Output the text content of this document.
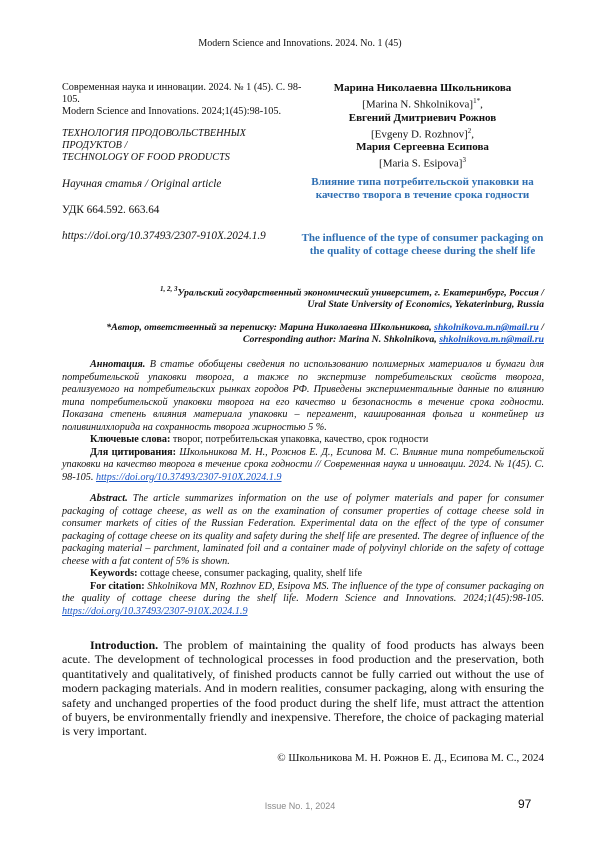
Modern Science and Innovations. 2024. No. 1 (45)
Современная наука и инновации. 2024. № 1 (45). С. 98-105.
Modern Science and Innovations. 2024;1(45):98-105.
ТЕХНОЛОГИЯ ПРОДОВОЛЬСТВЕННЫХ ПРОДУКТОВ /
TECHNOLOGY OF FOOD PRODUCTS
Научная статья / Original article
УДК 664.592. 663.64
https://doi.org/10.37493/2307-910X.2024.1.9
Марина Николаевна Школьникова
[Marina N. Shkolnikova]$^{1*}$,
Евгений Дмитриевич Рожнов
[Evgeny D. Rozhnov]$^2$,
Мария Сергеевна Есипова
[Maria S. Esipova]$^3$
Влияние типа потребительской упаковки на качество творога в течение срока годности
The influence of the type of consumer packaging on the quality of cottage cheese during the shelf life
$^{1, 2, 3}$Уральский государственный экономический университет, г. Екатеринбург, Россия /
Ural State University of Economics, Yekaterinburg, Russia
*Автор, ответственный за переписку: Марина Николаевна Школьникова, shkolnikova.m.n@mail.ru /
Corresponding author: Marina N. Shkolnikova, shkolnikova.m.n@mail.ru
Аннотация. В статье обобщены сведения по использованию полимерных материалов и бумаги для потребительской упаковки творога, а также по экспертизе потребительских свойств творога, реализуемого на потребительских рынках городов РФ. Приведены экспериментальные данные по влиянию типа потребительской упаковки творога на его качество и безопасность в течение срока годности. Показана степень влияния материала упаковки – пергамент, кашированная фольга и контейнер из поливинилхлорида на сохранность творога жирностью 5 %.
Ключевые слова: творог, потребительская упаковка, качество, срок годности
Для цитирования: Школьникова М. Н., Рожнов Е. Д., Есипова М. С. Влияние типа потребительской упаковки на качество творога в течение срока годности // Современная наука и инновации. 2024. № 1(45). С. 98-105. https://doi.org/10.37493/2307-910X.2024.1.9
Abstract. The article summarizes information on the use of polymer materials and paper for consumer packaging of cottage cheese, as well as on the examination of consumer properties of cottage cheese sold in consumer markets of cities of the Russian Federation. Experimental data on the effect of the type of consumer packaging of cottage cheese on its quality and safety during the shelf life are presented. The degree of influence of the packaging material – parchment, laminated foil and a container made of polyvinyl chloride on the safety of cottage cheese with a fat content of 5% is shown.
Keywords: cottage cheese, consumer packaging, quality, shelf life
For citation: Shkolnikova MN, Rozhnov ED, Esipova MS. The influence of the type of consumer packaging on the quality of cottage cheese during the shelf life. Modern Science and Innovations. 2024;1(45):98-105. https://doi.org/10.37493/2307-910X.2024.1.9
Introduction. The problem of maintaining the quality of food products has always been acute. The development of technological processes in food production and the preservation, both quantitatively and qualitatively, of finished products cannot be fully carried out without the use of modern packaging materials. And in modern realities, consumer packaging, along with ensuring the safety and unchanged properties of the food product during the shelf life, must attract the attention of buyers, be environmentally friendly and inexpensive. Therefore, the choice of packaging material is very important.
© Школьникова М. Н. Рожнов Е. Д., Есипова М. С., 2024
Issue No. 1, 2024	97
